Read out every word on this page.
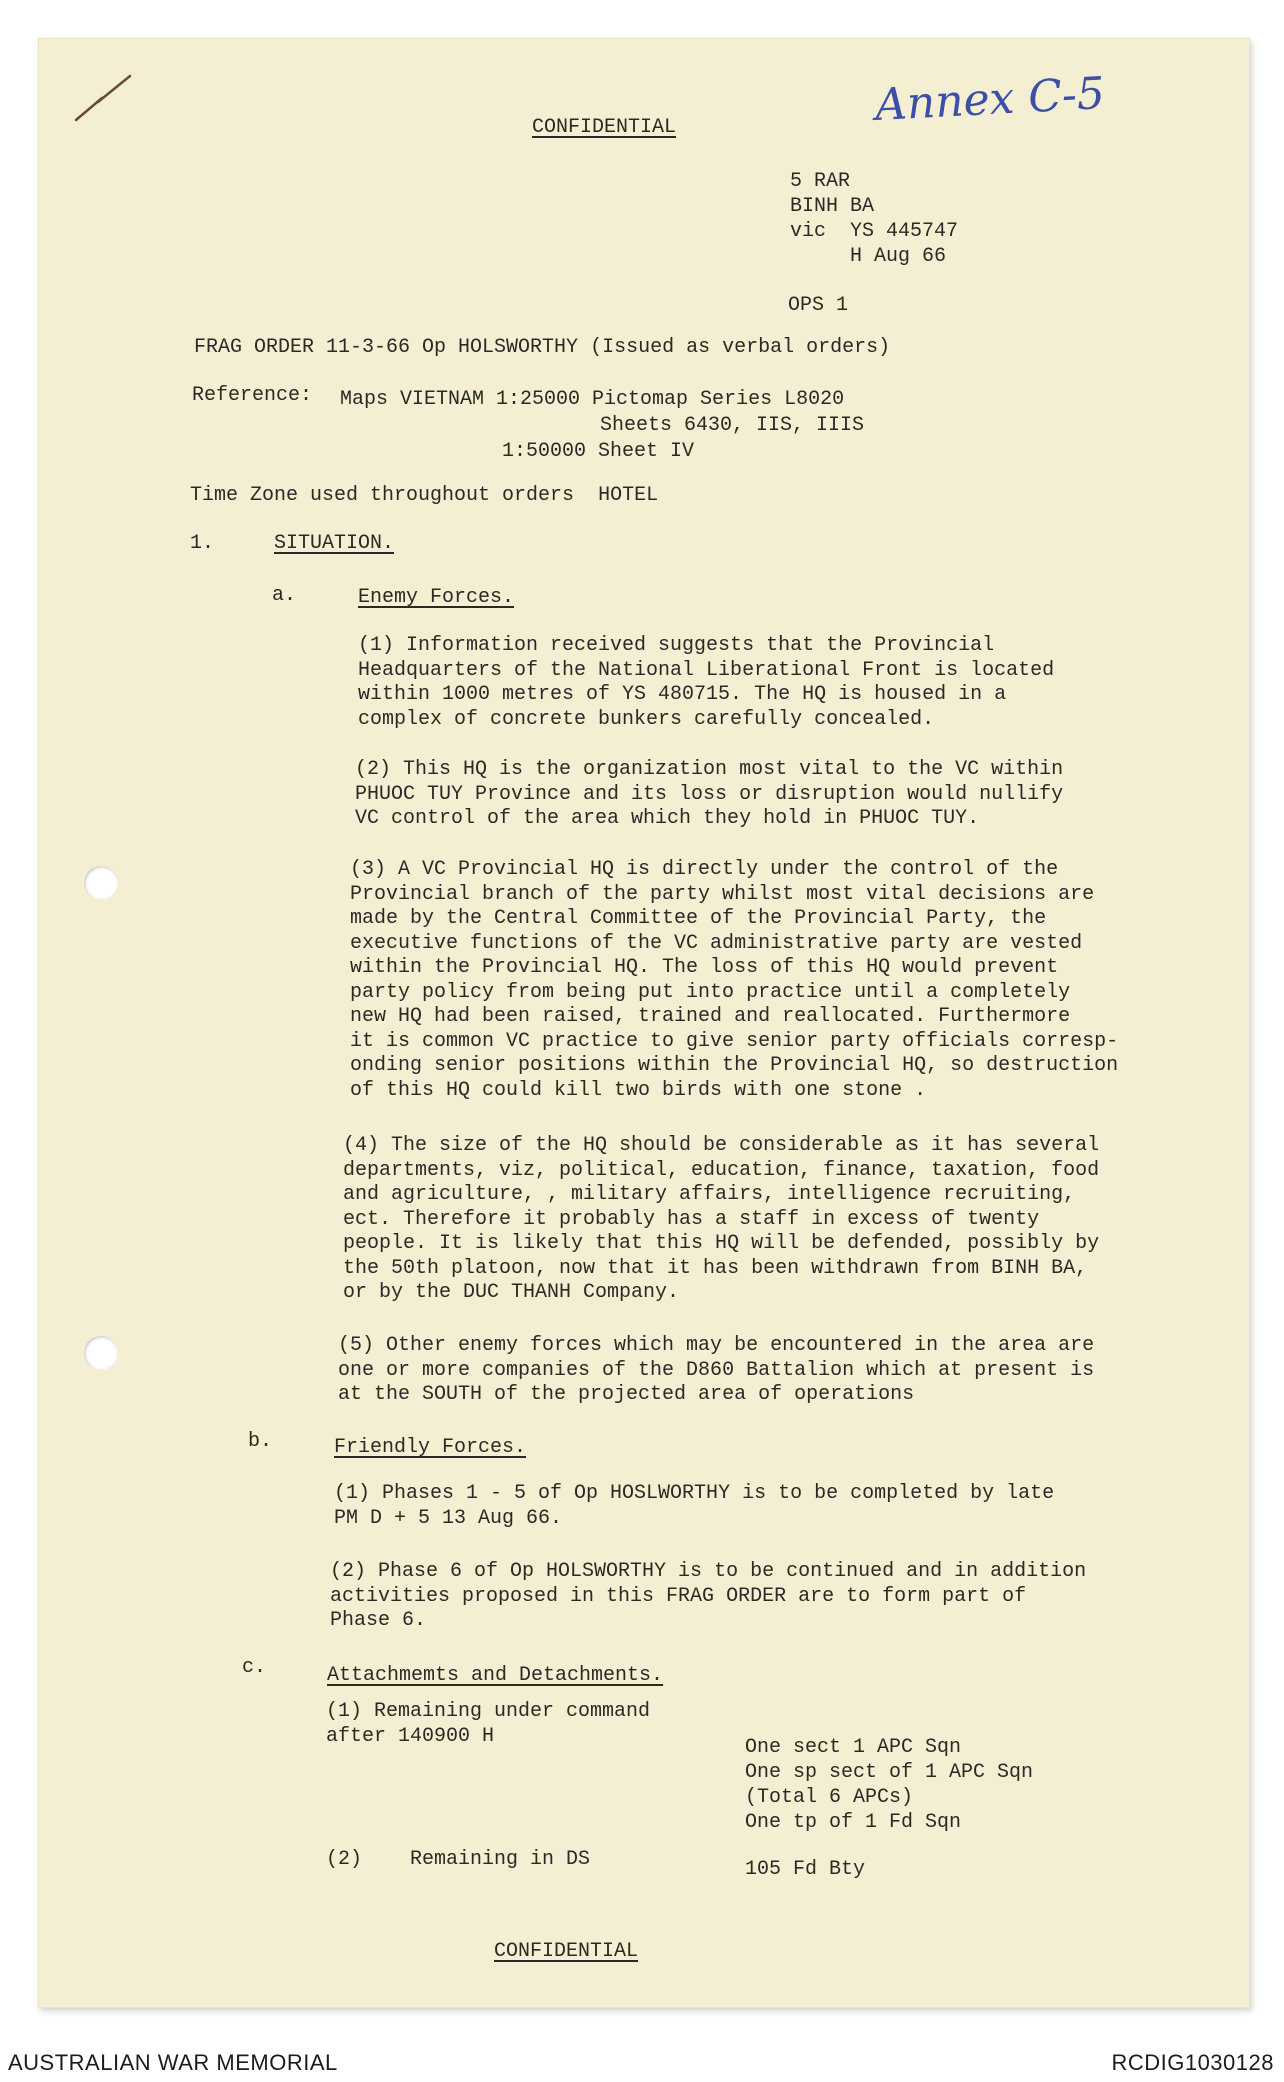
Annex C-5
CONFIDENTIAL
5 RAR
BINH BA
vic  YS 445747
H Aug 66
OPS 1
FRAG ORDER 11-3-66 Op HOLSWORTHY (Issued as verbal orders)
Reference: Maps VIETNAM 1:25000 Pictomap Series L8020
Sheets 6430, IIS, IIIS
1:50000 Sheet IV
Time Zone used throughout orders  HOTEL
1.	SITUATION.
a.	Enemy Forces.
(1) Information received suggests that the Provincial
Headquarters of the National Liberational Front is located
within 1000 metres of YS 480715. The HQ is housed in a
complex of concrete bunkers carefully concealed.
(2) This HQ is the organization most vital to the VC within
PHUOC TUY Province and its loss or disruption would nullify
VC control of the area which they hold in PHUOC TUY.
(3) A VC Provincial HQ is directly under the control of the
Provincial branch of the party whilst most vital decisions are
made by the Central Committee of the Provincial Party, the
executive functions of the VC administrative party are vested
within the Provincial HQ. The loss of this HQ would prevent
party policy from being put into practice until a completely
new HQ had been raised, trained and reallocated. Furthermore
it is common VC practice to give senior party officials corresp-
onding senior positions within the Provincial HQ, so destruction
of this HQ could kill two birds with one stone .
(4) The size of the HQ should be considerable as it has several
departments, viz, political, education, finance, taxation, food
and agriculture, , military affairs, intelligence recruiting,
ect. Therefore it probably has a staff in excess of twenty
people. It is likely that this HQ will be defended, possibly by
the 50th platoon, now that it has been withdrawn from BINH BA,
or by the DUC THANH Company.
(5) Other enemy forces which may be encountered in the area are
one or more companies of the D860 Battalion which at present is
at the SOUTH of the projected area of operations
b.	Friendly Forces.
(1) Phases 1 - 5 of Op HOSLWORTHY is to be completed by late
PM D + 5 13 Aug 66.
(2) Phase 6 of Op HOLSWORTHY is to be continued and in addition
activities proposed in this FRAG ORDER are to form part of
Phase 6.
c.	Attachmemts and Detachments.
(1) Remaining under command
after 140900 H	One sect 1 APC Sqn
One sp sect of 1 APC Sqn
(Total 6 APCs)
One tp of 1 Fd Sqn
(2)    Remaining in DS	105 Fd Bty
CONFIDENTIAL
AUSTRALIAN WAR MEMORIAL	RCDIG1030128
